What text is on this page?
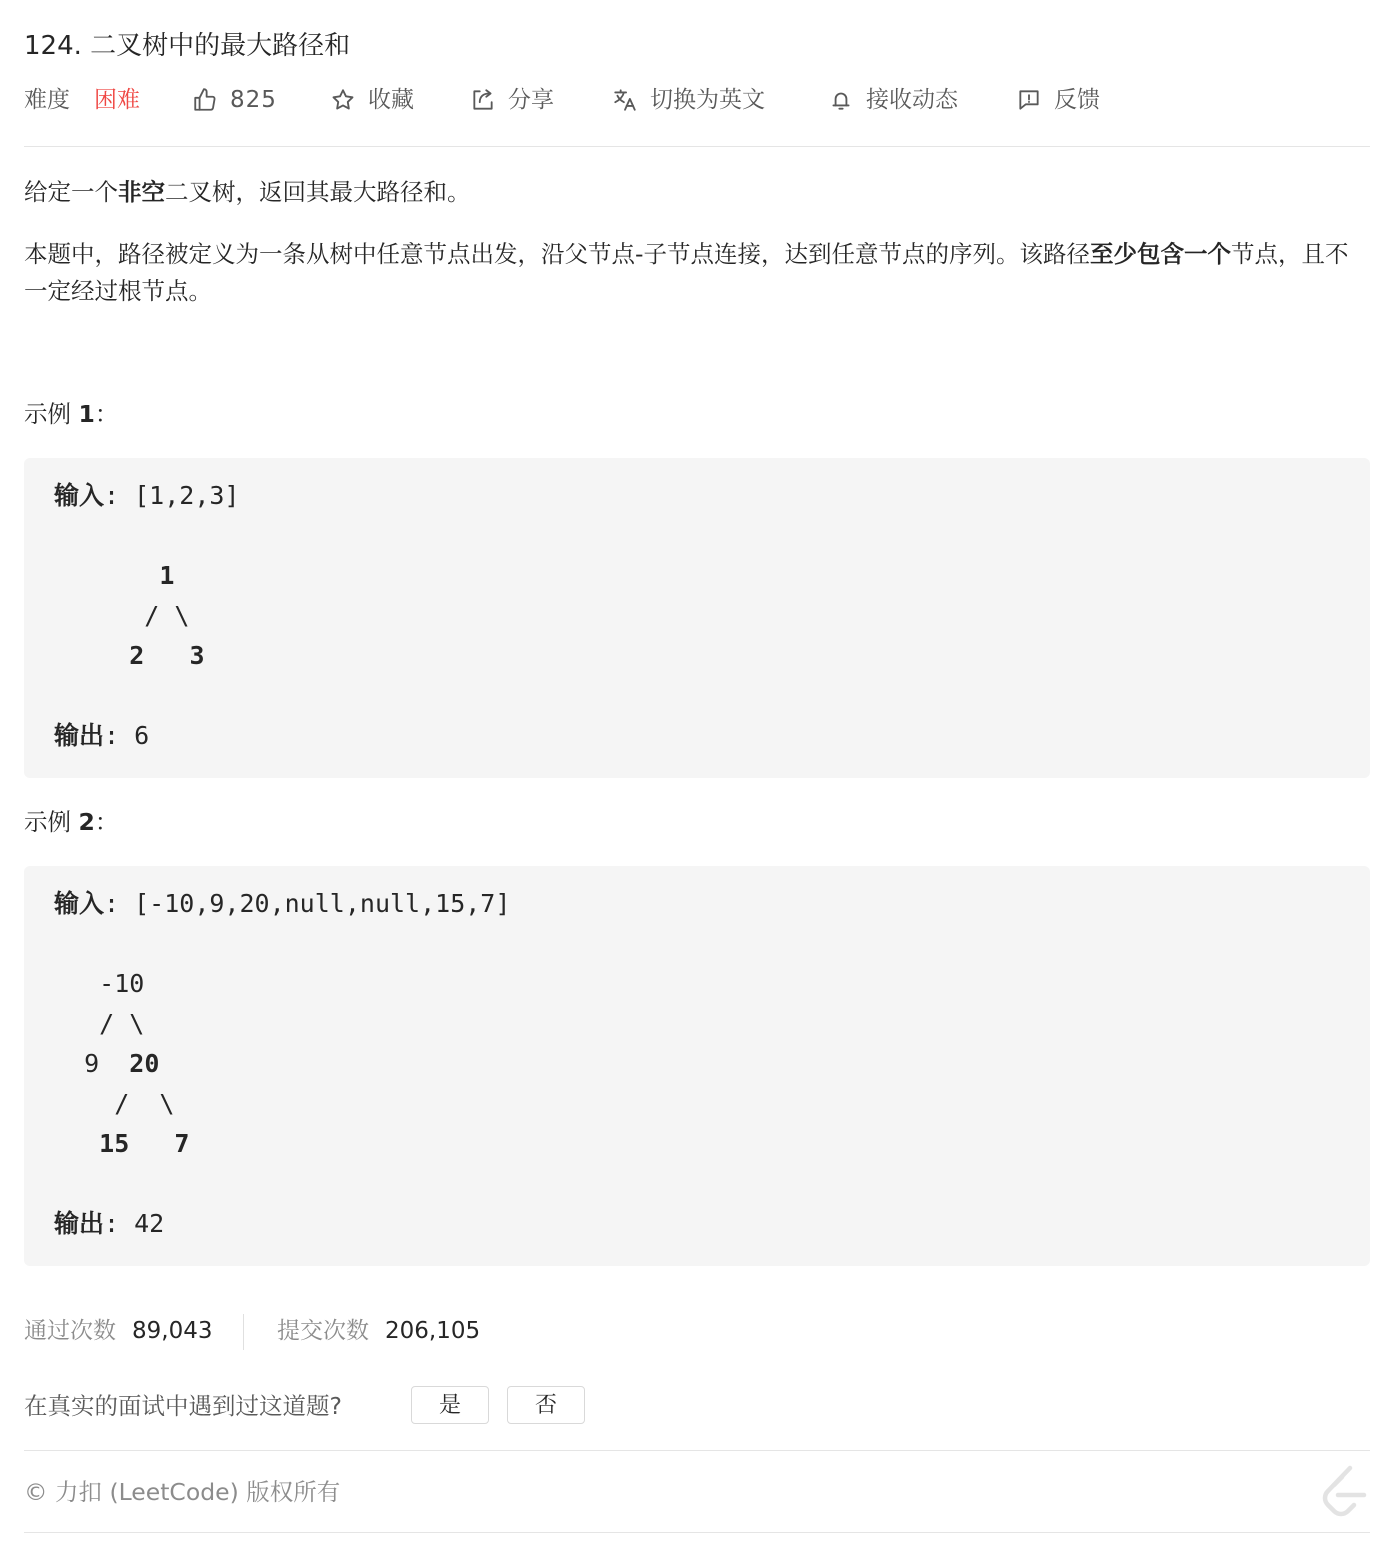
124. 二叉树中的最大路径和
难度 困难	825	收藏	分享	切换为英文	接收动态	反馈

给定一个非空二叉树，返回其最大路径和。

本题中，路径被定义为一条从树中任意节点出发，沿父节点-子节点连接，达到任意节点的序列。该路径至少包含一个节点，且不一定经过根节点。

示例 1：
输入: [1,2,3]
1
/ \
2   3
输出: 6
示例 2：
输入: [-10,9,20,null,null,15,7]
-10
/ \
9  20
/  \
15   7
输出: 42
通过次数 89,043	提交次数 206,105
在真实的面试中遇到过这道题?	是	否
© 力扣 (LeetCode) 版权所有
